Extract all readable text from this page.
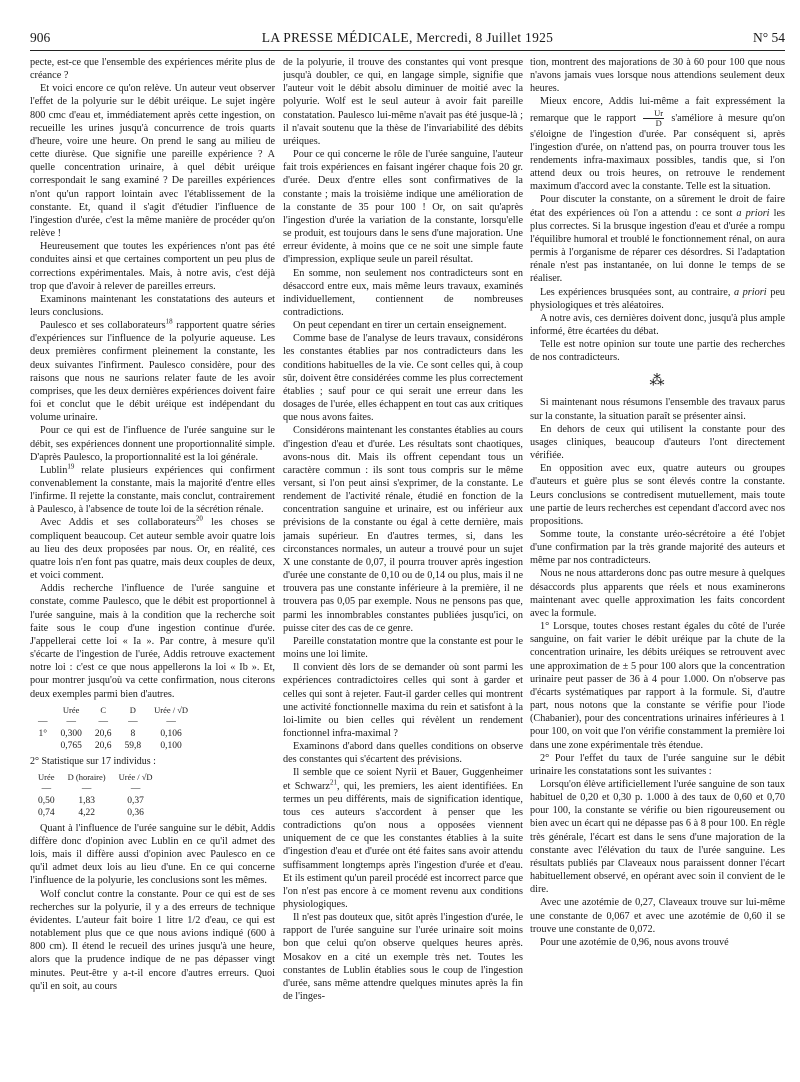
906	LA PRESSE MÉDICALE, Mercredi, 8 Juillet 1925	N° 54

pecte, est-ce que l'ensemble des expériences mérite plus de créance ?

Et voici encore ce qu'on relève. Un auteur veut observer l'effet de la polyurie sur le débit uréique. Le sujet ingère 800 cmc d'eau et, immédiatement après cette ingestion, on recueille les urines jusqu'à concurrence de trois quarts d'heure, voire une heure. On prend le sang au milieu de cette diurèse. Que signifie une pareille expérience ? A quelle concentration urinaire, à quel débit uréique correspondait le sang examiné ? De pareilles expériences n'ont qu'un rapport lointain avec l'établissement de la constante. Et, quand il s'agit d'étudier l'influence de l'ingestion d'urée, c'est la même manière de procéder qu'on relève !

Heureusement que toutes les expériences n'ont pas été conduites ainsi et que certaines comportent un peu plus de corrections expérimentales. Mais, à notre avis, c'est déjà trop que d'avoir à relever de pareilles erreurs.

Examinons maintenant les constatations des auteurs et leurs conclusions.

Paulesco et ses collaborateurs$^{18}$ rapportent quatre séries d'expériences sur l'influence de la polyurie aqueuse. Les deux premières confirment pleinement la constante, les deux suivantes l'infirment. Paulesco considère, pour des raisons que nous ne saurions relater faute de les avoir comprises, que les deux dernières expériences doivent faire foi et conclut que le débit uréique est indépendant du volume urinaire.

Pour ce qui est de l'influence de l'urée sanguine sur le débit, ses expériences donnent une proportionnalité simple. D'après Paulesco, la proportionnalité est la loi générale.

Lublin$^{19}$ relate plusieurs expériences qui confirment convenablement la constante, mais la majorité d'entre elles l'infirme. Il rejette la constante, mais conclut, contrairement à Paulesco, à l'absence de toute loi de la sécrétion rénale.

Avec Addis et ses collaborateurs$^{20}$ les choses se compliquent beaucoup. Cet auteur semble avoir quatre lois au lieu des deux proposées par nous. Or, en réalité, ces quatre lois n'en font pas quatre, mais deux couples de deux, et voici comment.

Addis recherche l'influence de l'urée sanguine et constate, comme Paulesco, que le débit est proportionnel à l'urée sanguine, mais à la condition que la recherche soit faite sous le coup d'une ingestion continue d'urée. J'appellerai cette loi « Ia ». Par contre, à mesure qu'il s'écarte de l'ingestion de l'urée, Addis retrouve exactement notre loi : c'est ce que nous appellerons la loi « Ib ». Et, pour montrer jusqu'où va cette confirmation, nous citerons deux exemples parmi bien d'autres.

	Urée	C	D	Urée / √D
—	—	—	—	—
1°	0,300	20,6	8	0,106
	0,765	20,6	59,8	0,100
2° Statistique sur 17 individus :
Urée	D (horaire)	Urée / √D
—	—	—
0,50	1,83	0,37
0,74	4,22	0,36

Quant à l'influence de l'urée sanguine sur le débit, Addis diffère donc d'opinion avec Lublin en ce qu'il admet des lois, mais il diffère aussi d'opinion avec Paulesco en ce qu'il admet deux lois au lieu d'une. En ce qui concerne l'influence de la polyurie, les conclusions sont les mêmes.

Wolf conclut contre la constante. Pour ce qui est de ses recherches sur la polyurie, il y a des erreurs de technique évidentes. L'auteur fait boire 1 litre 1/2 d'eau, ce qui est notablement plus que ce que nous avions indiqué (600 à 800 cm). Il étend le recueil des urines jusqu'à une heure, alors que la prudence indique de ne pas dépasser vingt minutes. Peut-être y a-t-il encore d'autres erreurs. Quoi qu'il en soit, au cours

de la polyurie, il trouve des constantes qui vont presque jusqu'à doubler, ce qui, en langage simple, signifie que l'auteur voit le débit absolu diminuer de moitié avec la polyurie. Wolf est le seul auteur à avoir fait pareille constatation. Paulesco lui-même n'avait pas été jusque-là ; il n'avait soutenu que la thèse de l'invariabilité des débits uréiques.

Pour ce qui concerne le rôle de l'urée sanguine, l'auteur fait trois expériences en faisant ingérer chaque fois 20 gr. d'urée. Deux d'entre elles sont confirmatives de la constante ; mais la troisième indique une amélioration de la constante de 35 pour 100 ! Or, on sait qu'après l'ingestion d'urée la variation de la constante, lorsqu'elle se produit, est toujours dans le sens d'une majoration. Une erreur évidente, à moins que ce ne soit une simple faute d'impression, explique seule un pareil résultat.

En somme, non seulement nos contradicteurs sont en désaccord entre eux, mais même leurs travaux, examinés individuellement, contiennent de nombreuses contradictions.

On peut cependant en tirer un certain enseignement.

Comme base de l'analyse de leurs travaux, considérons les constantes établies par nos contradicteurs dans les conditions habituelles de la vie. Ce sont celles qui, à coup sûr, doivent être considérées comme les plus correctement établies ; sauf pour ce qui serait une erreur dans les dosages de l'urée, elles échappent en tout cas aux critiques que nous avons faites.

Considérons maintenant les constantes établies au cours d'ingestion d'eau et d'urée. Les résultats sont chaotiques, avons-nous dit. Mais ils offrent cependant tous un caractère commun : ils sont tous compris sur le même versant, si l'on peut ainsi s'exprimer, de la constante. Le rendement de l'activité rénale, étudié en fonction de la concentration sanguine et urinaire, est ou inférieur aux prévisions de la constante ou égal à cette dernière, mais jamais supérieur. En d'autres termes, si, dans les circonstances normales, un auteur a trouvé pour un sujet X une constante de 0,07, il pourra trouver après ingestion d'urée une constante de 0,10 ou de 0,14 ou plus, mais il ne trouvera pas une constante inférieure à la première, il ne trouvera pas 0,05 par exemple. Nous ne pensons pas que, parmi les innombrables constantes publiées jusqu'ici, on puisse citer des cas de ce genre.

Pareille constatation montre que la constante est pour le moins une loi limite.

Il convient dès lors de se demander où sont parmi les expériences contradictoires celles qui sont à garder et celles qui sont à rejeter. Faut-il garder celles qui montrent une activité fonctionnelle maxima du rein et satisfont à la loi-limite ou bien celles qui révèlent un rendement fonctionnel infra-maximal ?

Examinons d'abord dans quelles conditions on observe des constantes qui s'écartent des prévisions.

Il semble que ce soient Nyrii et Bauer, Guggenheimer et Schwarz$^{21}$, qui, les premiers, les aient identifiées. En termes un peu différents, mais de signification identique, tous ces auteurs s'accordent à penser que les contradictions qu'on nous a opposées viennent uniquement de ce que les constantes établies à la suite d'ingestion d'eau et d'urée ont été faites sans avoir attendu suffisamment longtemps après l'ingestion d'urée et d'eau. Et ils estiment qu'un pareil procédé est incorrect parce que l'on n'est pas encore à ce moment revenu aux conditions physiologiques.

Il n'est pas douteux que, sitôt après l'ingestion d'urée, le rapport de l'urée sanguine sur l'urée urinaire soit moins bon que celui qu'on observe quelques heures après. Mosakov en a cité un exemple très net. Toutes les constantes de Lublin établies sous le coup de l'ingestion d'urée, sans même attendre quelques minutes après la fin de l'inges-

tion, montrent des majorations de 30 à 60 pour 100 que nous n'avons jamais vues lorsque nous attendions seulement deux heures.

Mieux encore, Addis lui-même a fait expressément la remarque que le rapport $\frac{Ur}{D}$ s'améliore à mesure qu'on s'éloigne de l'ingestion d'urée. Par conséquent si, après l'ingestion d'urée, on n'attend pas, on pourra trouver tous les rendements infra-maximaux possibles, tandis que, si l'on attend deux ou trois heures, on retrouve le rendement maximum d'accord avec la constante. Telle est la situation.

Pour discuter la constante, on a sûrement le droit de faire état des expériences où l'on a attendu : ce sont a priori les plus correctes. Si la brusque ingestion d'eau et d'urée a rompu l'équilibre humoral et troublé le fonctionnement rénal, on aura permis à l'organisme de réparer ces désordres. Si l'adaptation rénale n'est pas instantanée, on lui donne le temps de se réaliser.

Les expériences brusquées sont, au contraire, a priori peu physiologiques et très aléatoires.

A notre avis, ces dernières doivent donc, jusqu'à plus ample informé, être écartées du débat.

Telle est notre opinion sur toute une partie des recherches de nos contradicteurs.

⁂

Si maintenant nous résumons l'ensemble des travaux parus sur la constante, la situation paraît se présenter ainsi.

En dehors de ceux qui utilisent la constante pour des usages cliniques, beaucoup d'auteurs l'ont directement vérifiée.

En opposition avec eux, quatre auteurs ou groupes d'auteurs et guère plus se sont élevés contre la constante. Leurs conclusions se contredisent mutuellement, mais toute une partie de leurs recherches est cependant d'accord avec nos propositions.

Somme toute, la constante uréo-sécrétoire a été l'objet d'une confirmation par la très grande majorité des auteurs et même par nos contradicteurs.

Nous ne nous attarderons donc pas outre mesure à quelques désaccords plus apparents que réels et nous examinerons maintenant avec quelle approximation les faits concordent avec la formule.

1° Lorsque, toutes choses restant égales du côté de l'urée sanguine, on fait varier le débit uréique par la chute de la concentration urinaire, les débits uréiques se retrouvent avec une approximation de ± 5 pour 100 alors que la concentration urinaire peut passer de 36 à 4 pour 1.000. On n'observe pas d'écarts systématiques par rapport à la formule. Si, d'autre part, nous notons que la constante se vérifie pour l'iode (Chabanier), pour des concentrations urinaires inférieures à 1 pour 100, on voit que l'on vérifie constamment la première loi dans une zone expérimentale très étendue.

2° Pour l'effet du taux de l'urée sanguine sur le débit urinaire les constatations sont les suivantes :

Lorsqu'on élève artificiellement l'urée sanguine de son taux habituel de 0,20 et 0,30 p. 1.000 à des taux de 0,60 et 0,70 pour 100, la constante se vérifie ou bien rigoureusement ou bien avec un écart qui ne dépasse pas 6 à 8 pour 100. En règle très générale, l'écart est dans le sens d'une majoration de la constante avec l'élévation du taux de l'urée sanguine. Les résultats publiés par Claveaux nous paraissent donner l'écart habituellement observé, en opérant avec soin il convient de le dire.

Avec une azotémie de 0,27, Claveaux trouve sur lui-même une constante de 0,067 et avec une azotémie de 0,60 il se trouve une constante de 0,072.

Pour une azotémie de 0,96, nous avons trouvé
